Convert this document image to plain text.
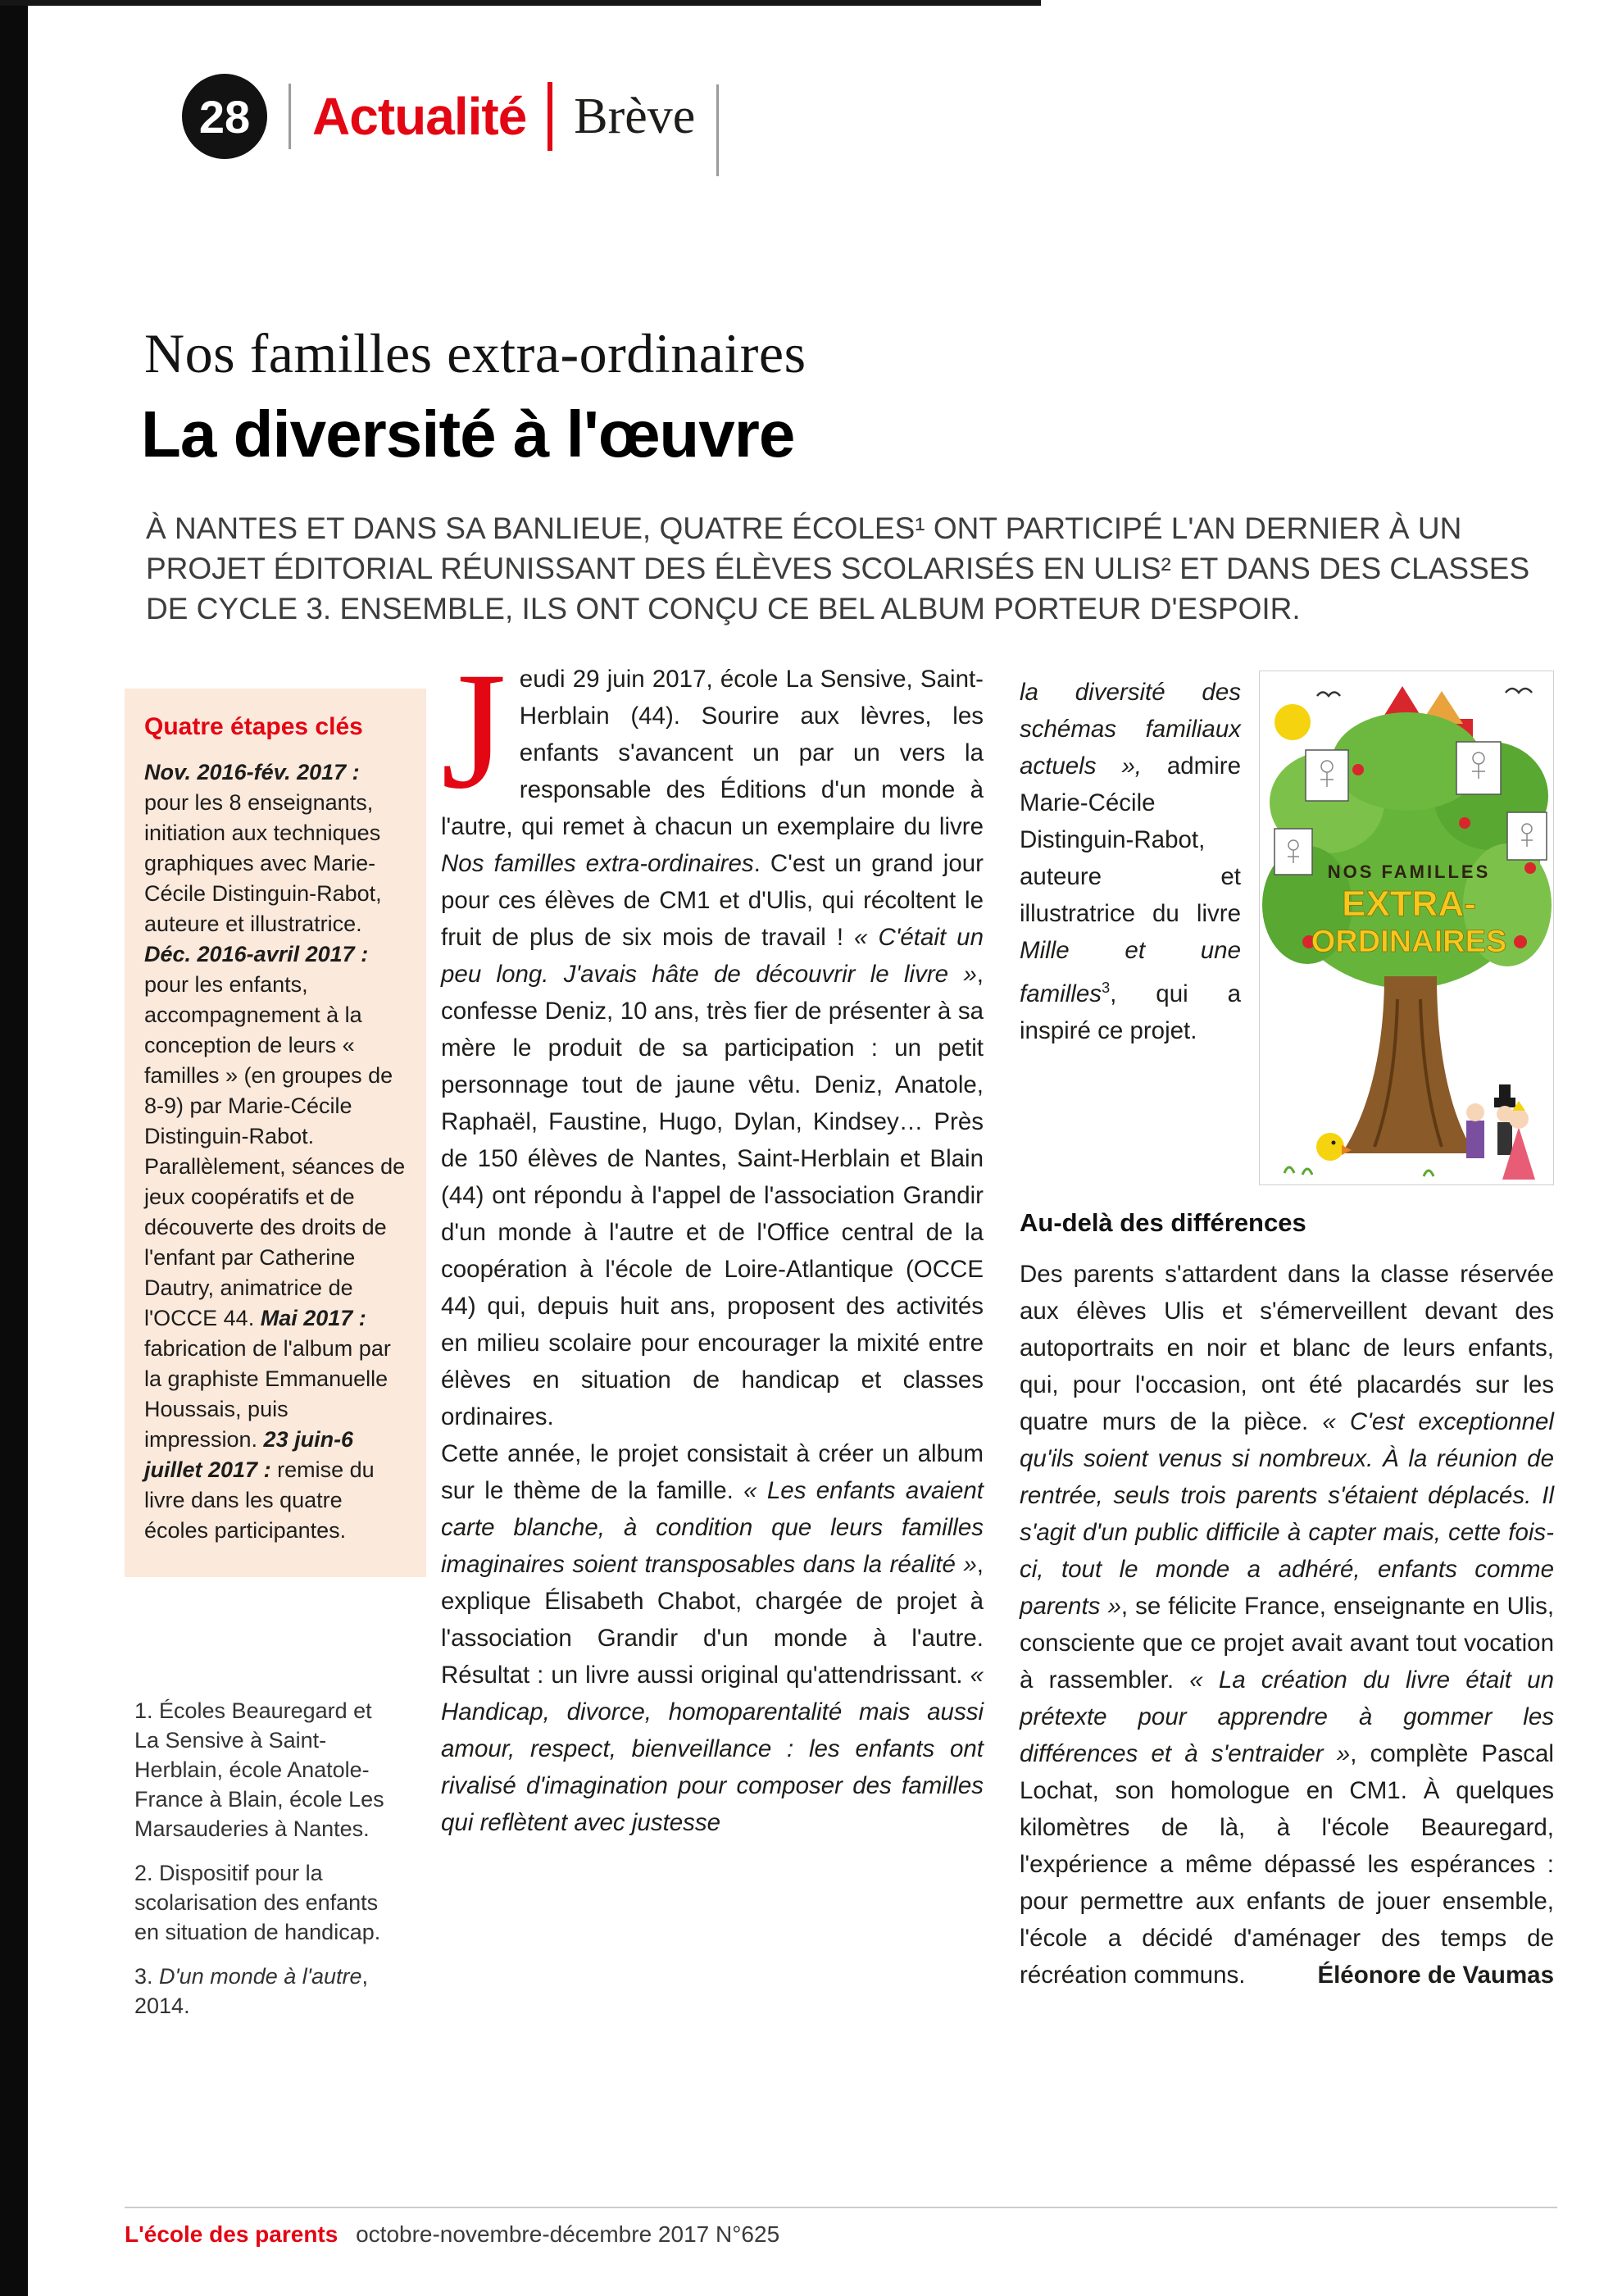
28 Actualité Brève
Nos familles extra-ordinaires
La diversité à l'œuvre

À NANTES ET DANS SA BANLIEUE, QUATRE ÉCOLES¹ ONT PARTICIPÉ L'AN DERNIER À UN PROJET ÉDITORIAL RÉUNISSANT DES ÉLÈVES SCOLARISÉS EN ULIS² ET DANS DES CLASSES DE CYCLE 3. ENSEMBLE, ILS ONT CONÇU CE BEL ALBUM PORTEUR D'ESPOIR.

Quatre étapes clés

Nov. 2016-fév. 2017 : pour les 8 enseignants, initiation aux techniques graphiques avec Marie-Cécile Distinguin-Rabot, auteure et illustratrice. Déc. 2016-avril 2017 : pour les enfants, accompagnement à la conception de leurs « familles » (en groupes de 8-9) par Marie-Cécile Distinguin-Rabot. Parallèlement, séances de jeux coopératifs et de découverte des droits de l'enfant par Catherine Dautry, animatrice de l'OCCE 44. Mai 2017 : fabrication de l'album par la graphiste Emmanuelle Houssais, puis impression. 23 juin-6 juillet 2017 : remise du livre dans les quatre écoles participantes.

1. Écoles Beauregard et La Sensive à Saint-Herblain, école Anatole-France à Blain, école Les Marsauderies à Nantes.

2. Dispositif pour la scolarisation des enfants en situation de handicap.

3. D'un monde à l'autre, 2014.

Jeudi 29 juin 2017, école La Sensive, Saint-Herblain (44). Sourire aux lèvres, les enfants s'avancent un par un vers la responsable des Éditions d'un monde à l'autre, qui remet à chacun un exemplaire du livre Nos familles extra-ordinaires. C'est un grand jour pour ces élèves de CM1 et d'Ulis, qui récoltent le fruit de plus de six mois de travail ! « C'était un peu long. J'avais hâte de découvrir le livre », confesse Deniz, 10 ans, très fier de présenter à sa mère le produit de sa participation : un petit personnage tout de jaune vêtu. Deniz, Anatole, Raphaël, Faustine, Hugo, Dylan, Kindsey… Près de 150 élèves de Nantes, Saint-Herblain et Blain (44) ont répondu à l'appel de l'association Grandir d'un monde à l'autre et de l'Office central de la coopération à l'école de Loire-Atlantique (OCCE 44) qui, depuis huit ans, proposent des activités en milieu scolaire pour encourager la mixité entre élèves en situation de handicap et classes ordinaires.

Cette année, le projet consistait à créer un album sur le thème de la famille. « Les enfants avaient carte blanche, à condition que leurs familles imaginaires soient transposables dans la réalité », explique Élisabeth Chabot, chargée de projet à l'association Grandir d'un monde à l'autre. Résultat : un livre aussi original qu'attendrissant. « Handicap, divorce, homoparentalité mais aussi amour, respect, bienveillance : les enfants ont rivalisé d'imagination pour composer des familles qui reflètent avec justesse

NOS FAMILLES
EXTRA-
ORDINAIRES

la diversité des schémas familiaux actuels », admire Marie-Cécile Distinguin-Rabot, auteure et illustratrice du livre Mille et une familles$^3$, qui a inspiré ce projet.

Au-delà des différences

Des parents s'attardent dans la classe réservée aux élèves Ulis et s'émerveillent devant des autoportraits en noir et blanc de leurs enfants, qui, pour l'occasion, ont été placardés sur les quatre murs de la pièce. « C'est exceptionnel qu'ils soient venus si nombreux. À la réunion de rentrée, seuls trois parents s'étaient déplacés. Il s'agit d'un public difficile à capter mais, cette fois-ci, tout le monde a adhéré, enfants comme parents », se félicite France, enseignante en Ulis, consciente que ce projet avait avant tout vocation à rassembler. « La création du livre était un prétexte pour apprendre à gommer les différences et à s'entraider », complète Pascal Lochat, son homologue en CM1. À quelques kilomètres de là, à l'école Beauregard, l'expérience a même dépassé les espérances : pour permettre aux enfants de jouer ensemble, l'école a décidé d'aménager des temps de récréation communs.	Éléonore de Vaumas

L'école des parents octobre-novembre-décembre 2017 N°625
